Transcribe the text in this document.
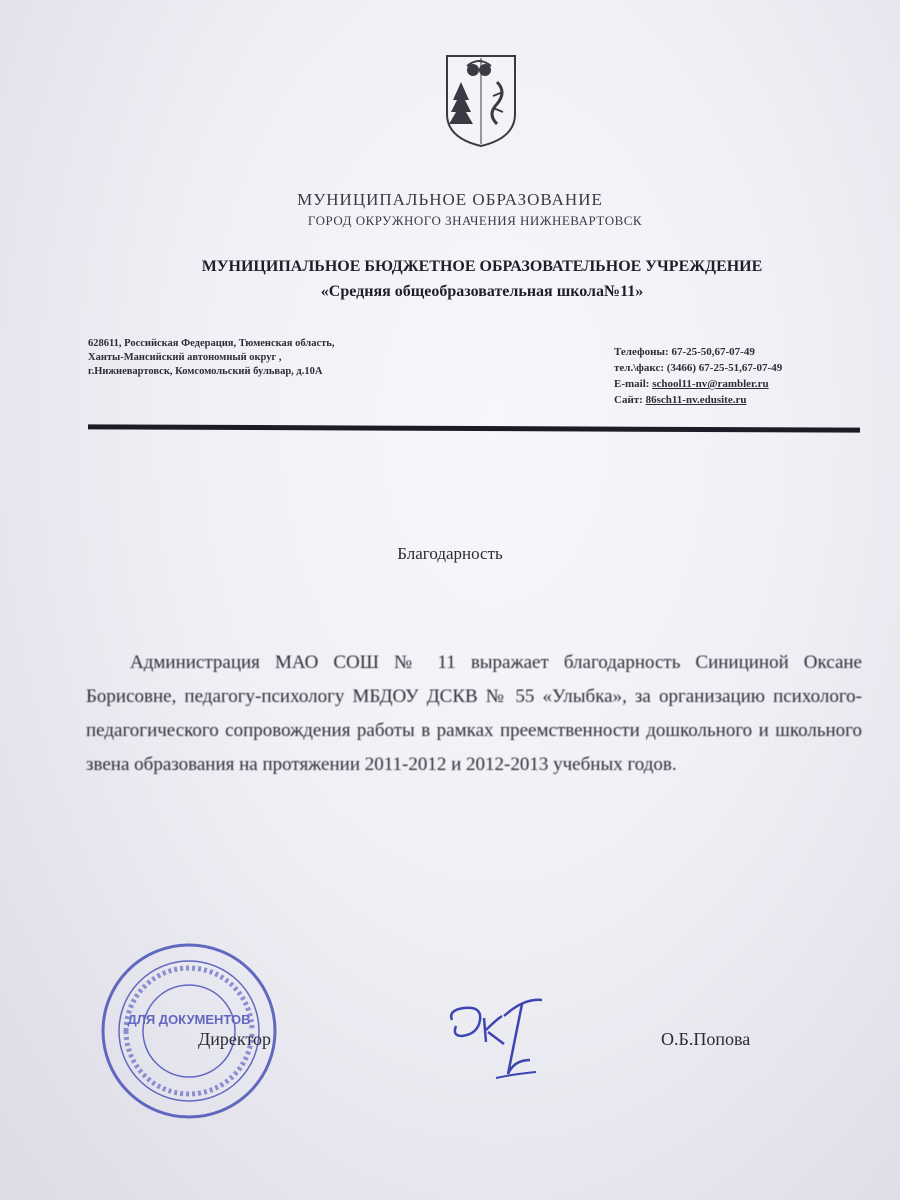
МУНИЦИПАЛЬНОЕ ОБРАЗОВАНИЕ
ГОРОД ОКРУЖНОГО ЗНАЧЕНИЯ НИЖНЕВАРТОВСК
МУНИЦИПАЛЬНОЕ БЮДЖЕТНОЕ ОБРАЗОВАТЕЛЬНОЕ УЧРЕЖДЕНИЕ
«Средняя общеобразовательная школа№11»
628611, Российская Федерация, Тюменская область,
Ханты-Мансийский автономный округ ,
г.Нижневартовск, Комсомольский бульвар, д.10А
Телефоны: 67-25-50,67-07-49
тел.\факс: (3466) 67-25-51,67-07-49
E-mail: school11-nv@rambler.ru
Сайт: 86sch11-nv.edusite.ru
Благодарность
Администрация МАО СОШ № 11 выражает благодарность Синициной Оксане Борисовне, педагогу-психологу МБДОУ ДСКВ № 55 «Улыбка», за организацию психолого-педагогического сопровождения работы в рамках преемственности дошкольного и школьного звена образования на протяжении 2011-2012 и 2012-2013 учебных годов.
ДЛЯ ДОКУМЕНТОВ
Директор	О.Б.Попова
